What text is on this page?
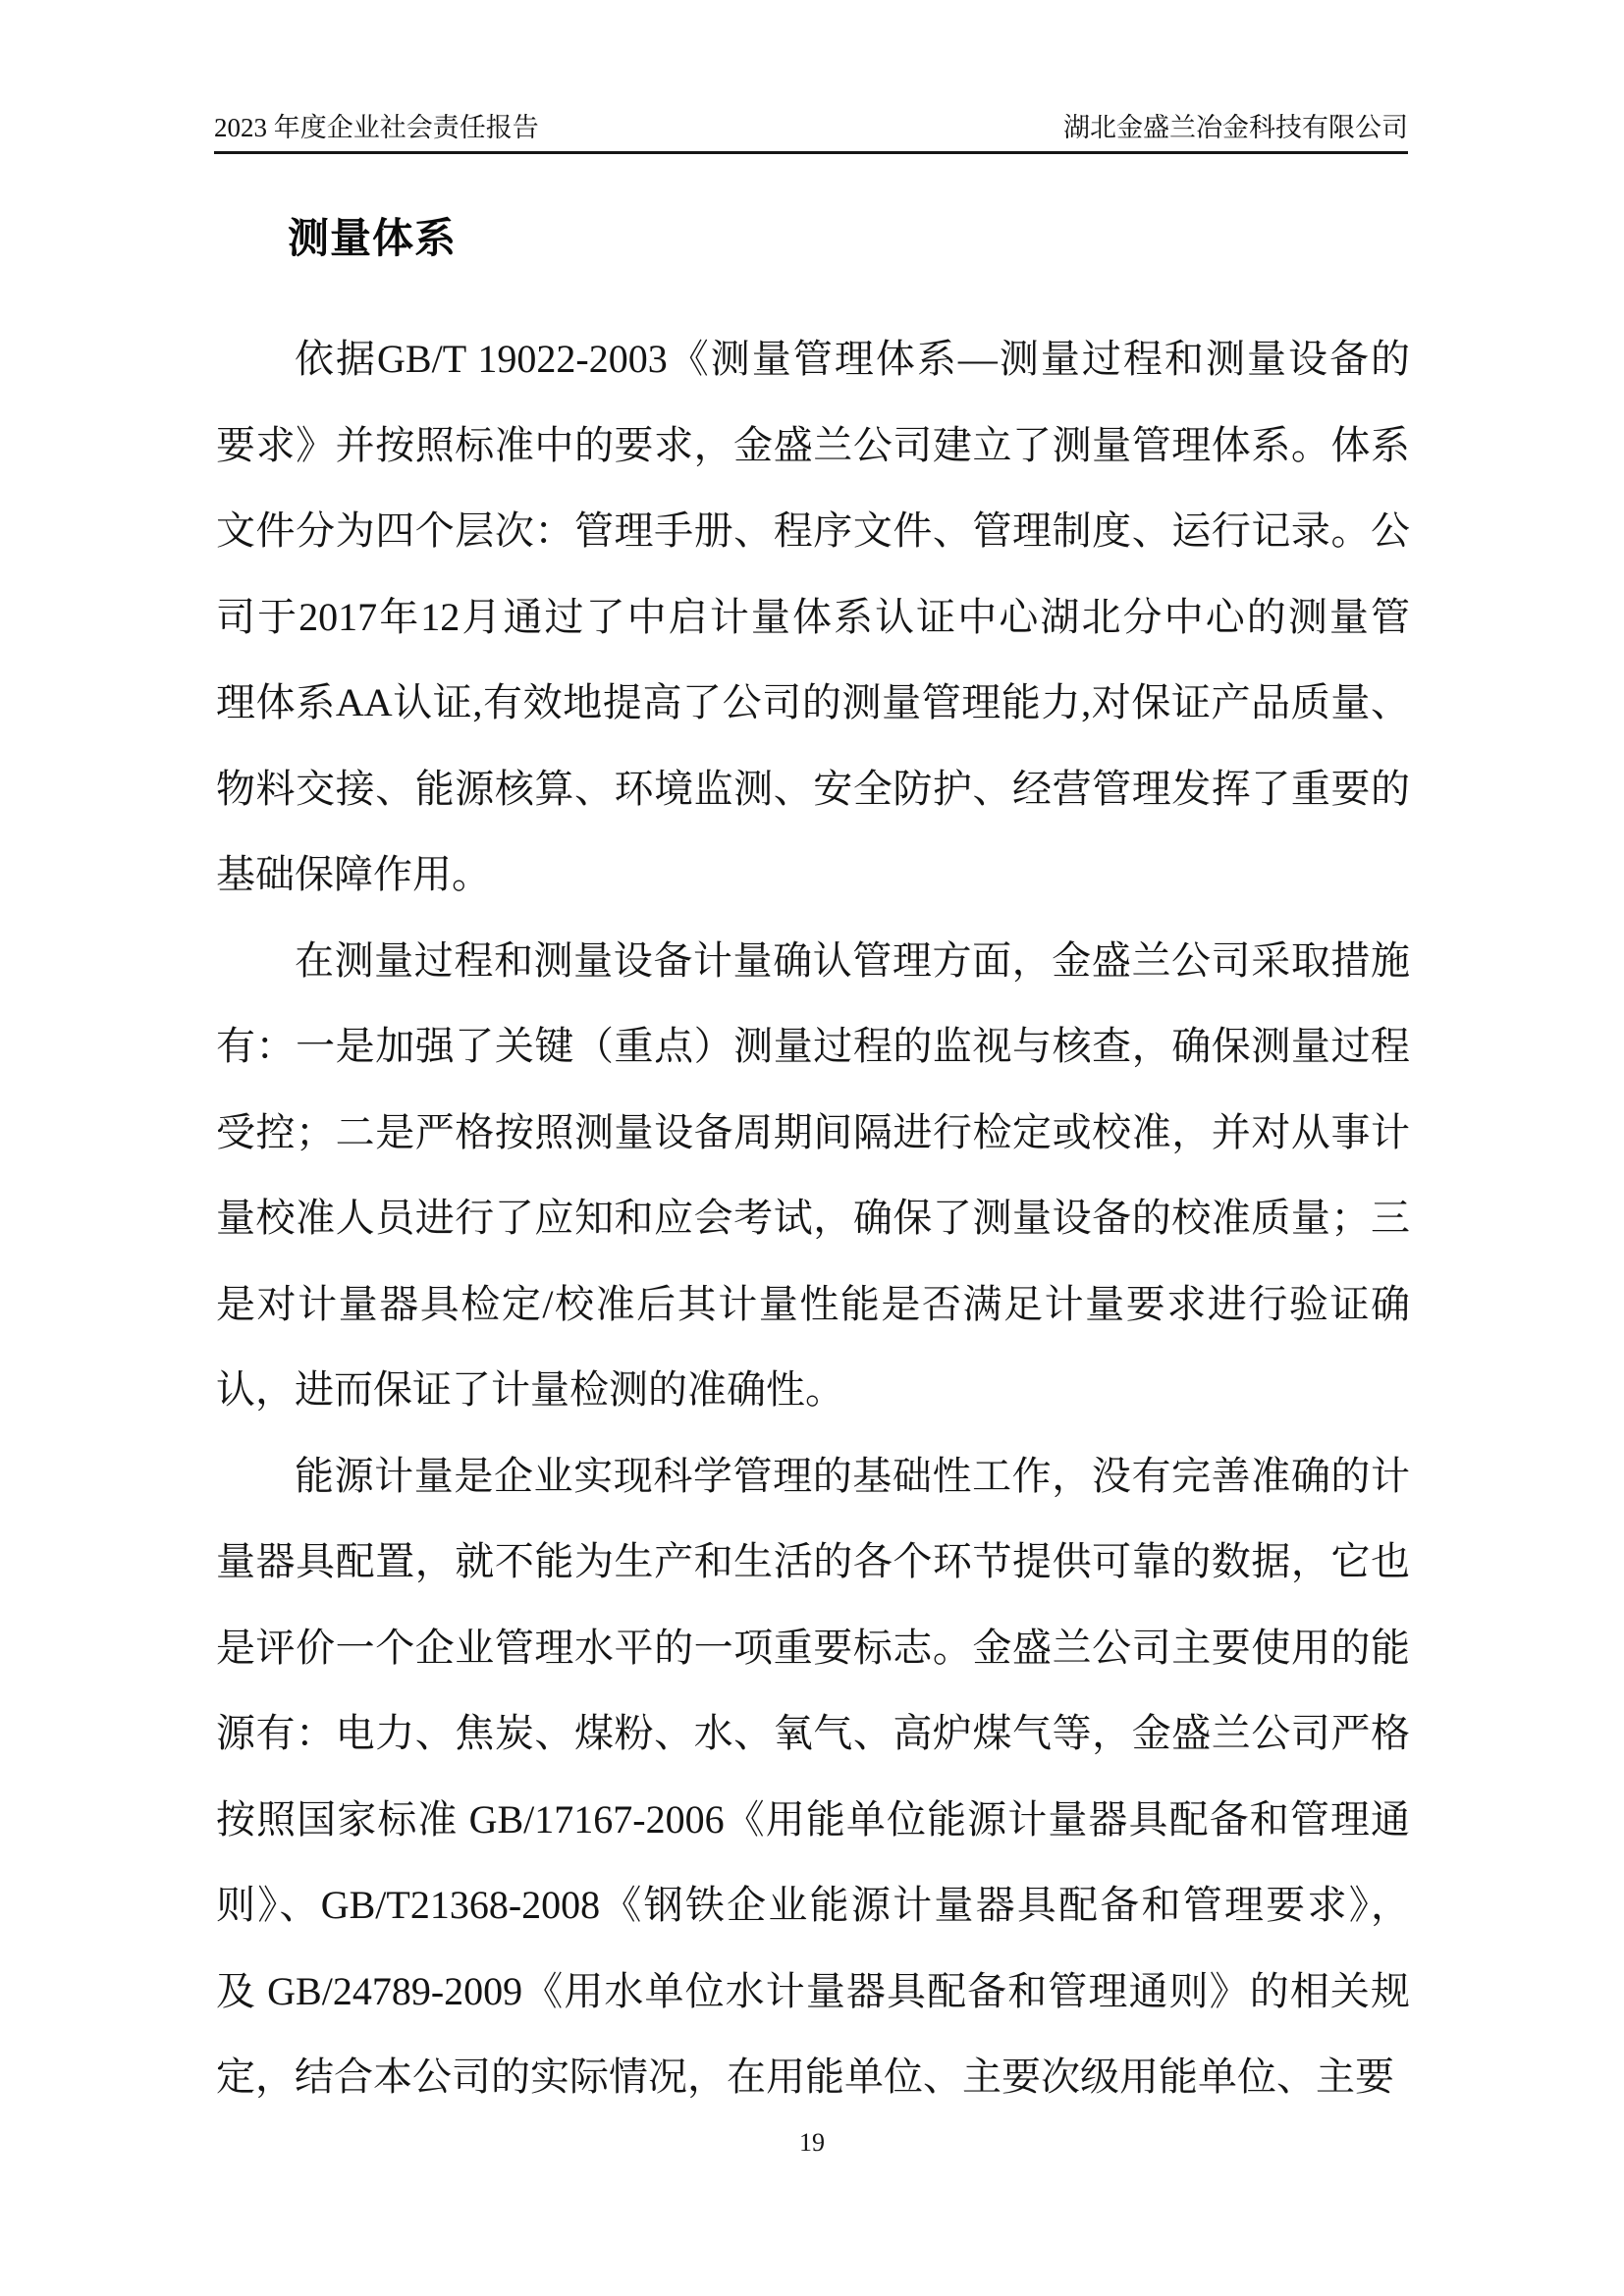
2023 年度企业社会责任报告	湖北金盛兰冶金科技有限公司
测量体系
依据GB/T 19022-2003《测量管理体系—测量过程和测量设备的
要求》并按照标准中的要求，金盛兰公司建立了测量管理体系。体系
文件分为四个层次：管理手册、程序文件、管理制度、运行记录。公
司于2017年12月通过了中启计量体系认证中心湖北分中心的测量管
理体系AA认证,有效地提高了公司的测量管理能力,对保证产品质量、
物料交接、能源核算、环境监测、安全防护、经营管理发挥了重要的
基础保障作用。
在测量过程和测量设备计量确认管理方面，金盛兰公司采取措施
有：一是加强了关键（重点）测量过程的监视与核查，确保测量过程
受控；二是严格按照测量设备周期间隔进行检定或校准，并对从事计
量校准人员进行了应知和应会考试，确保了测量设备的校准质量；三
是对计量器具检定/校准后其计量性能是否满足计量要求进行验证确
认，进而保证了计量检测的准确性。
能源计量是企业实现科学管理的基础性工作，没有完善准确的计
量器具配置，就不能为生产和生活的各个环节提供可靠的数据，它也
是评价一个企业管理水平的一项重要标志。金盛兰公司主要使用的能
源有：电力、焦炭、煤粉、水、氧气、高炉煤气等，金盛兰公司严格
按照国家标准 GB/17167-2006《用能单位能源计量器具配备和管理通
则》、GB/T21368-2008《钢铁企业能源计量器具配备和管理要求》，
及 GB/24789-2009《用水单位水计量器具配备和管理通则》的相关规
定，结合本公司的实际情况，在用能单位、主要次级用能单位、主要
19
